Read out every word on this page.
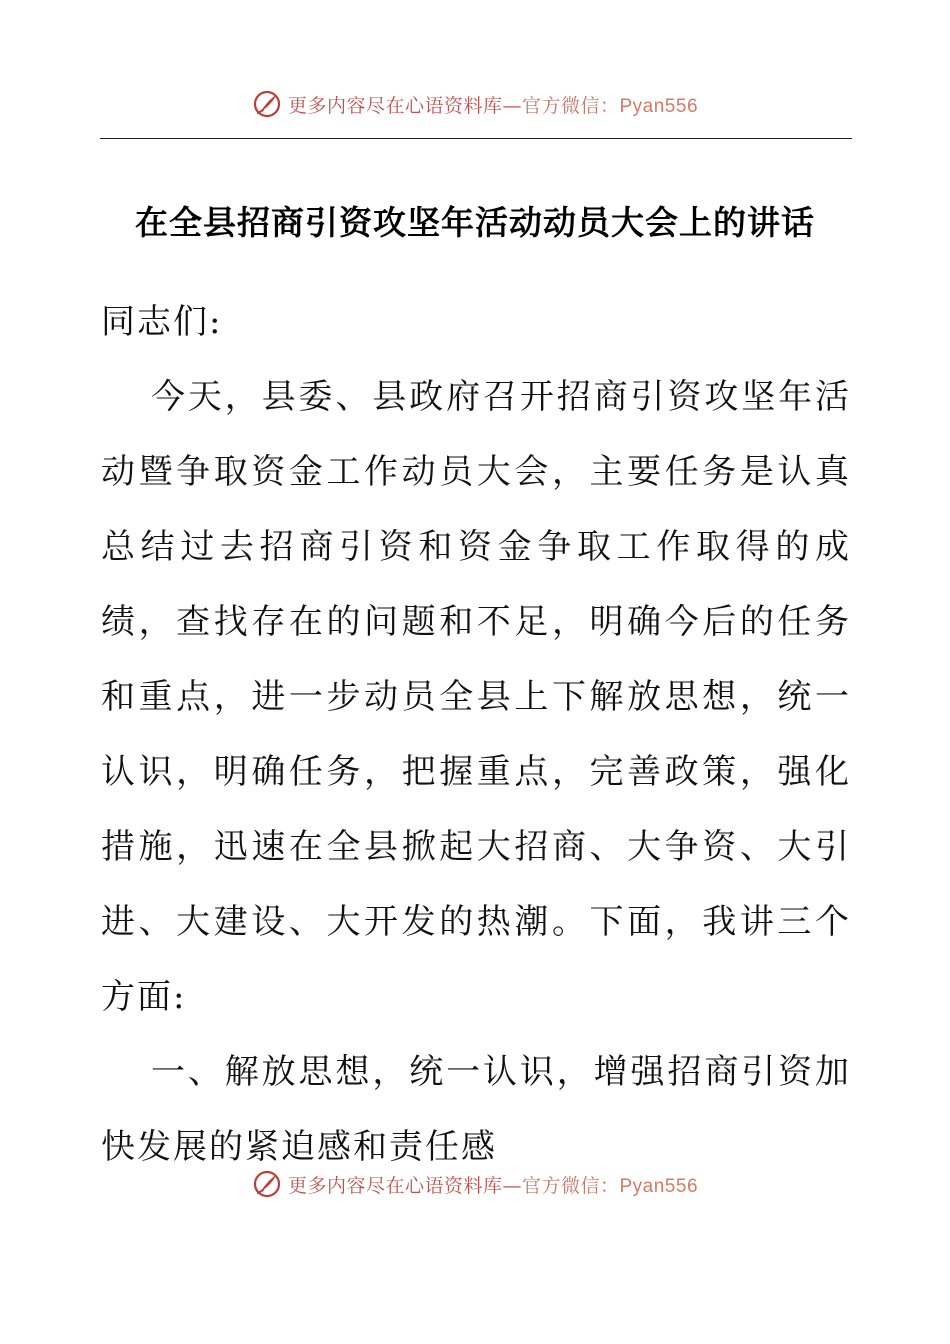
更多内容尽在心语资料库—官方微信：Pyan556
在全县招商引资攻坚年活动动员大会上的讲话

同志们:

今天，县委、县政府召开招商引资攻坚年活动暨争取资金工作动员大会，主要任务是认真总结过去招商引资和资金争取工作取得的成绩，查找存在的问题和不足，明确今后的任务和重点，进一步动员全县上下解放思想，统一认识，明确任务，把握重点，完善政策，强化措施，迅速在全县掀起大招商、大争资、大引进、大建设、大开发的热潮。下面，我讲三个方面:

一、解放思想，统一认识，增强招商引资加快发展的紧迫感和责任感

更多内容尽在心语资料库—官方微信：Pyan556
